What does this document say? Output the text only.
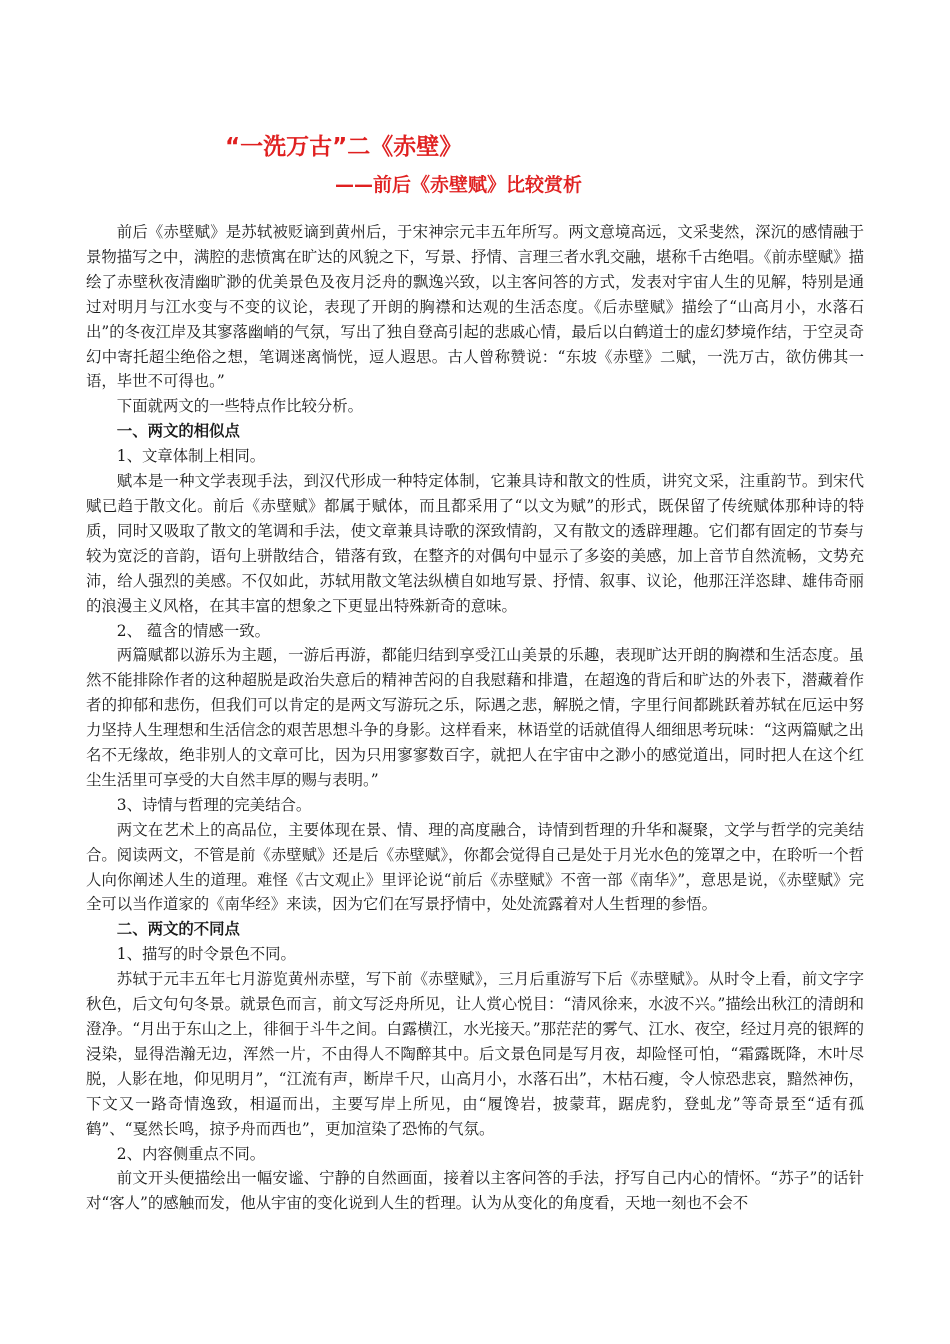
“一洗万古”二《赤壁》
——前后《赤壁赋》比较赏析

前后《赤壁赋》是苏轼被贬谪到黄州后，于宋神宗元丰五年所写。两文意境高远，文采斐然，深沉的感情融于景物描写之中，满腔的悲愤寓在旷达的风貌之下，写景、抒情、言理三者水乳交融，堪称千古绝唱。《前赤壁赋》描绘了赤壁秋夜清幽旷渺的优美景色及夜月泛舟的飘逸兴致，以主客问答的方式，发表对宇宙人生的见解，特别是通过对明月与江水变与不变的议论，表现了开朗的胸襟和达观的生活态度。《后赤壁赋》描绘了“山高月小，水落石出”的冬夜江岸及其寥落幽峭的气氛，写出了独自登高引起的悲戚心情，最后以白鹤道士的虚幻梦境作结，于空灵奇幻中寄托超尘绝俗之想，笔调迷离惝恍，逗人遐思。古人曾称赞说：“东坡《赤壁》二赋，一洗万古，欲仿佛其一语，毕世不可得也。”

下面就两文的一些特点作比较分析。

一、两文的相似点

1、文章体制上相同。

赋本是一种文学表现手法，到汉代形成一种特定体制，它兼具诗和散文的性质，讲究文采，注重韵节。到宋代赋已趋于散文化。前后《赤壁赋》都属于赋体，而且都采用了“以文为赋”的形式，既保留了传统赋体那种诗的特质，同时又吸取了散文的笔调和手法，使文章兼具诗歌的深致情韵，又有散文的透辟理趣。它们都有固定的节奏与较为宽泛的音韵，语句上骈散结合，错落有致，在整齐的对偶句中显示了多姿的美感，加上音节自然流畅，文势充沛，给人强烈的美感。不仅如此，苏轼用散文笔法纵横自如地写景、抒情、叙事、议论，他那汪洋恣肆、雄伟奇丽的浪漫主义风格，在其丰富的想象之下更显出特殊新奇的意味。

2、 蕴含的情感一致。

两篇赋都以游乐为主题，一游后再游，都能归结到享受江山美景的乐趣，表现旷达开朗的胸襟和生活态度。虽然不能排除作者的这种超脱是政治失意后的精神苦闷的自我慰藉和排遣，在超逸的背后和旷达的外表下，潜藏着作者的抑郁和悲伤，但我们可以肯定的是两文写游玩之乐，际遇之悲，解脱之情，字里行间都跳跃着苏轼在厄运中努力坚持人生理想和生活信念的艰苦思想斗争的身影。这样看来，林语堂的话就值得人细细思考玩味：“这两篇赋之出名不无缘故，绝非别人的文章可比，因为只用寥寥数百字，就把人在宇宙中之渺小的感觉道出，同时把人在这个红尘生活里可享受的大自然丰厚的赐与表明。”

3、诗情与哲理的完美结合。

两文在艺术上的高品位，主要体现在景、情、理的高度融合，诗情到哲理的升华和凝聚，文学与哲学的完美结合。阅读两文，不管是前《赤壁赋》还是后《赤壁赋》，你都会觉得自己是处于月光水色的笼罩之中，在聆听一个哲人向你阐述人生的道理。难怪《古文观止》里评论说“前后《赤壁赋》不啻一部《南华》”，意思是说，《赤壁赋》完全可以当作道家的《南华经》来读，因为它们在写景抒情中，处处流露着对人生哲理的参悟。

二、两文的不同点

1、描写的时令景色不同。

苏轼于元丰五年七月游览黄州赤壁，写下前《赤壁赋》，三月后重游写下后《赤壁赋》。从时令上看，前文字字秋色，后文句句冬景。就景色而言，前文写泛舟所见，让人赏心悦目：“清风徐来，水波不兴。”描绘出秋江的清朗和澄净。“月出于东山之上，徘徊于斗牛之间。白露横江，水光接天。”那茫茫的雾气、江水、夜空，经过月亮的银辉的浸染，显得浩瀚无边，浑然一片，不由得人不陶醉其中。后文景色同是写月夜，却险怪可怕，“霜露既降，木叶尽脱，人影在地，仰见明月”，“江流有声，断岸千尺，山高月小，水落石出”，木枯石瘦，令人惊恐悲哀，黯然神伤，下文又一路奇情逸致，相逼而出，主要写岸上所见，由“履馋岩，披蒙茸，踞虎豹，登虬龙”等奇景至“适有孤鹤”、“戛然长鸣，掠予舟而西也”，更加渲染了恐怖的气氛。

2、内容侧重点不同。

前文开头便描绘出一幅安谧、宁静的自然画面，接着以主客问答的手法，抒写自己内心的情怀。“苏子”的话针对“客人”的感触而发，他从宇宙的变化说到人生的哲理。认为从变化的角度看，天地一刻也不会不
